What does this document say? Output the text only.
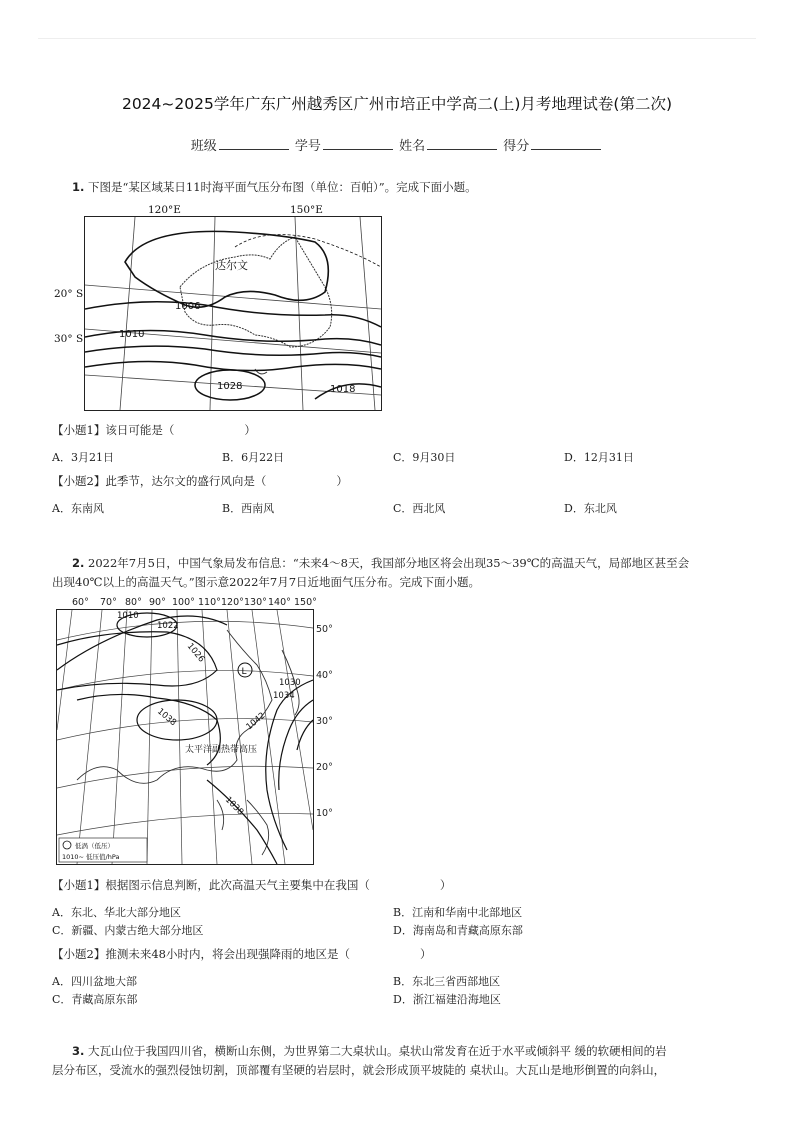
2024~2025学年广东广州越秀区广州市培正中学高二(上)月考地理试卷(第二次)
班级	学号	姓名	得分
1. 下图是“某区域某日11时海平面气压分布图（单位：百帕）”。完成下面小题。
120°E	150°E
20° S
30° S
达尔文
1006
1010
1028	1018
【小题1】该日可能是（	）
A．3月21日	B．6月22日	C．9月30日	D．12月31日
【小题2】此季节，达尔文的盛行风向是（	）
A．东南风	B．西南风	C．西北风	D．东北风
2. 2022年7月5日，中国气象局发布信息：“未来4～8天，我国部分地区将会出现35～39℃的高温天气，局部地区甚至会
出现40℃以上的高温天气。”图示意2022年7月7日近地面气压分布。完成下面小题。
60° 70° 80° 90° 100° 110° 120° 130° 140° 150°
L
1010
1022
1026
1030
1034
1038	1042
1038
太平洋副热带高压
低涡（低压）
1010~ 低压值/hPa
50°
40°
30°
20°
10°
【小题1】根据图示信息判断，此次高温天气主要集中在我国（	）
A．东北、华北大部分地区	B．江南和华南中北部地区
C．新疆、内蒙古绝大部分地区	D．海南岛和青藏高原东部
【小题2】推测未来48小时内，将会出现强降雨的地区是（	）
A．四川盆地大部	B．东北三省西部地区
C．青藏高原东部	D．浙江福建沿海地区
3. 大瓦山位于我国四川省，横断山东侧，为世界第二大桌状山。桌状山常发育在近于水平或倾斜平 缓的软硬相间的岩
层分布区，受流水的强烈侵蚀切割，顶部覆有坚硬的岩层时，就会形成顶平坡陡的 桌状山。大瓦山是地形倒置的向斜山，
